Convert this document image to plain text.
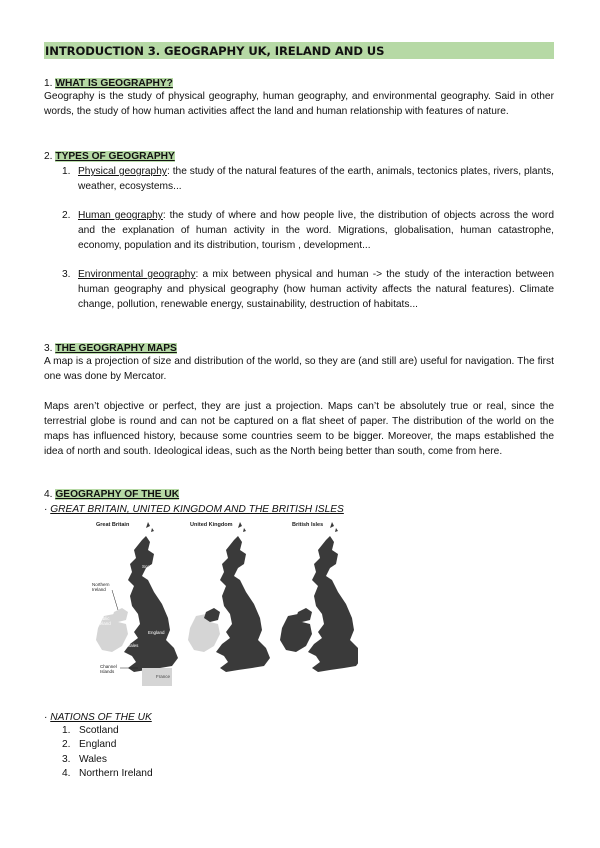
INTRODUCTION 3. GEOGRAPHY UK, IRELAND AND US
1. WHAT IS GEOGRAPHY?
Geography is the study of physical geography, human geography, and environmental geography. Said in other words, the study of how human activities affect the land and human relationship with features of nature.
2. TYPES OF GEOGRAPHY
1. Physical geography: the study of the natural features of the earth, animals, tectonics plates, rivers, plants, weather, ecosystems...
2. Human geography: the study of where and how people live, the distribution of objects across the word and the explanation of human activity in the word. Migrations, globalisation, human catastrophe, economy, population and its distribution, tourism , development...
3. Environmental geography: a mix between physical and human -> the study of the interaction between human geography and physical geography (how human activity affects the natural features). Climate change, pollution, renewable energy, sustainability, destruction of habitats...
3. THE GEOGRAPHY MAPS
A map is a projection of size and distribution of the world, so they are (and still are) useful for navigation. The first one was done by Mercator.
Maps aren’t objective or perfect, they are just a projection. Maps can’t be absolutely true or real, since the terrestrial globe is round and can not be captured on a flat sheet of paper. The distribution of the world on the maps has influenced history, because some countries seem to be bigger. Moreover, the maps established the idea of north and south. Ideological ideas, such as the North being better than south, come from here.
4. GEOGRAPHY OF THE UK
· GREAT BRITAIN, UNITED KINGDOM AND THE BRITISH ISLES
· NATIONS OF THE UK
1. Scotland
2. England
3. Wales
4. Northern Ireland
Great Britain
Scotland
Northern Ireland
Republic of Ireland
England
Wales
Channel Islands
France
United Kingdom	British Isles
